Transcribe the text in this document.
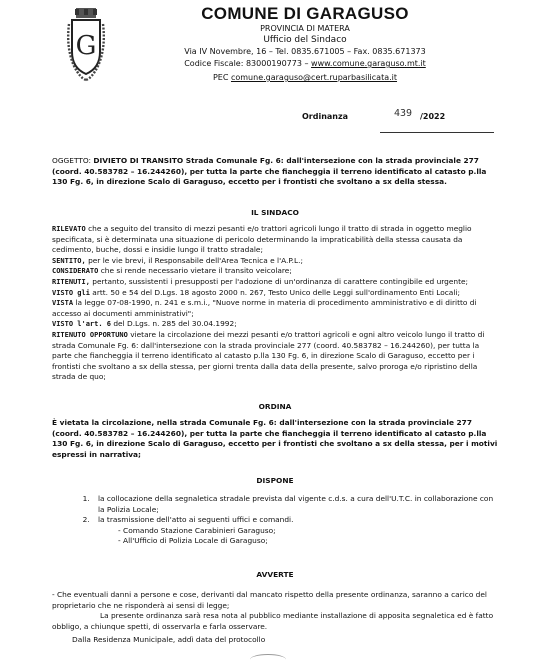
G
COMUNE DI GARAGUSO
PROVINCIA DI MATERA
Ufficio del Sindaco
Via IV Novembre, 16 – Tel. 0835.671005 – Fax. 0835.671373
Codice Fiscale: 83000190773 – www.comune.garaguso.mt.it
PEC comune.garaguso@cert.ruparbasilicata.it
Ordinanza	439 /2022

OGGETTO: DIVIETO DI TRANSITO Strada Comunale Fg. 6: dall'intersezione con la strada provinciale 277 (coord. 40.583782 – 16.244260), per tutta la parte che fiancheggia il terreno identificato al catasto p.lla 130 Fg. 6, in direzione Scalo di Garaguso, eccetto per i frontisti che svoltano a sx della stessa.

IL SINDACO

RILEVATO che a seguito del transito di mezzi pesanti e/o trattori agricoli lungo il tratto di strada in oggetto meglio specificata, si è determinata una situazione di pericolo determinando la impraticabilità della stessa causata da cedimento, buche, dossi e insidie lungo il tratto stradale;

SENTITO, per le vie brevi, il Responsabile dell'Area Tecnica e l'A.P.L.;

CONSIDERATO che si rende necessario vietare il transito veicolare;

RITENUTI, pertanto, sussistenti i presupposti per l'adozione di un'ordinanza di carattere contingibile ed urgente;

VISTO gli artt. 50 e 54 del D.Lgs. 18 agosto 2000 n. 267, Testo Unico delle Leggi sull'ordinamento Enti Locali;

VISTA la legge 07-08-1990, n. 241 e s.m.i., "Nuove norme in materia di procedimento amministrativo e di diritto di accesso ai documenti amministrativi";

VISTO l'art. 6 del D.Lgs. n. 285 del 30.04.1992;

RITENUTO OPPORTUNO vietare la circolazione dei mezzi pesanti e/o trattori agricoli e ogni altro veicolo lungo il tratto di strada Comunale Fg. 6: dall'intersezione con la strada provinciale 277 (coord. 40.583782 – 16.244260), per tutta la parte che fiancheggia il terreno identificato al catasto p.lla 130 Fg. 6, in direzione Scalo di Garaguso, eccetto per i frontisti che svoltano a sx della stessa, per giorni trenta dalla data della presente, salvo proroga e/o ripristino della strada de quo;

ORDINA
È vietata la circolazione, nella strada Comunale Fg. 6: dall'intersezione con la strada provinciale 277 (coord. 40.583782 – 16.244260), per tutta la parte che fiancheggia il terreno identificato al catasto p.lla 130 Fg. 6, in direzione Scalo di Garaguso, eccetto per i frontisti che svoltano a sx della stessa, per i motivi espressi in narrativa;
DISPONE
1. la collocazione della segnaletica stradale prevista dal vigente c.d.s. a cura dell'U.T.C. in collaborazione con la Polizia Locale;
2. la trasmissione dell'atto ai seguenti uffici e comandi.
- Comando Stazione Carabinieri Garaguso;
- All'Ufficio di Polizia Locale di Garaguso;
AVVERTE

- Che eventuali danni a persone e cose, derivanti dal mancato rispetto della presente ordinanza, saranno a carico del proprietario che ne risponderà ai sensi di legge;

La presente ordinanza sarà resa nota al pubblico mediante installazione di apposita segnaletica ed è fatto obbligo, a chiunque spetti, di osservarla e farla osservare.

Dalla Residenza Municipale, addì data del protocollo
